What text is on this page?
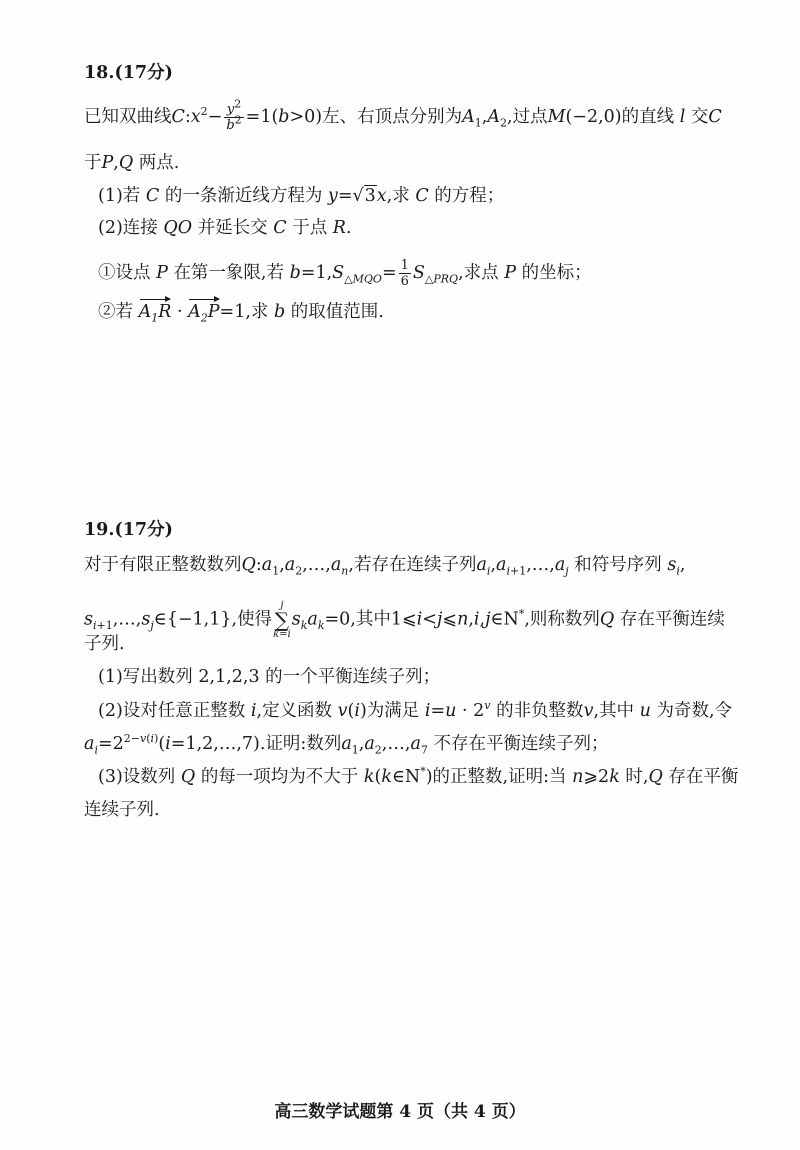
18.(17分)
已知双曲线$C:x^2- \frac{y^2}{b^2} =1(b>0)$左、右顶点分别为$A_1,A_2$,过点M(−2,0)的直线 l 交C
于P,Q 两点.
(1)若 C 的一条渐近线方程为 y=√3x,求 C 的方程；
(2)连接 QO 并延长交 C 于点 R.
①设点 P 在第一象限,若 $b=1,S_{\triangle MQO}= \frac{1}{6} S_{\triangle PRQ}$,求点 P 的坐标；
②若 $A_1R \cdot A_2P=1$,求 b 的取值范围.
19.(17分)
对于有限正整数数列$Q:a_1,a_2,\dots,a_n$,若存在连续子列$a_i,a_{i+1},\dots,a_j$ 和符号序列 $s_i$,
$s_{i+1},\dots,s_j\in\{-1,1\}$,使得
j
∑
k=i
$s_ka_k=0$,其中1⩽i<j⩽n,i,j∈N*,则称数列Q 存在平衡连续
子列.
(1)写出数列 2,1,2,3 的一个平衡连续子列；
(2)设对任意正整数 i,定义函数 v(i)为满足 $i=u \cdot 2^v$ 的非负整数v,其中 u 为奇数,令
$a_i=2^{2-v(i)}(i=1,2,\dots,7)$.证明:数列$a_1,a_2,\dots,a_7$ 不存在平衡连续子列；
(3)设数列 Q 的每一项均为不大于 k(k∈N*)的正整数,证明:当 n⩾2k 时,Q 存在平衡
连续子列.
高三数学试题第 4 页（共 4 页）
